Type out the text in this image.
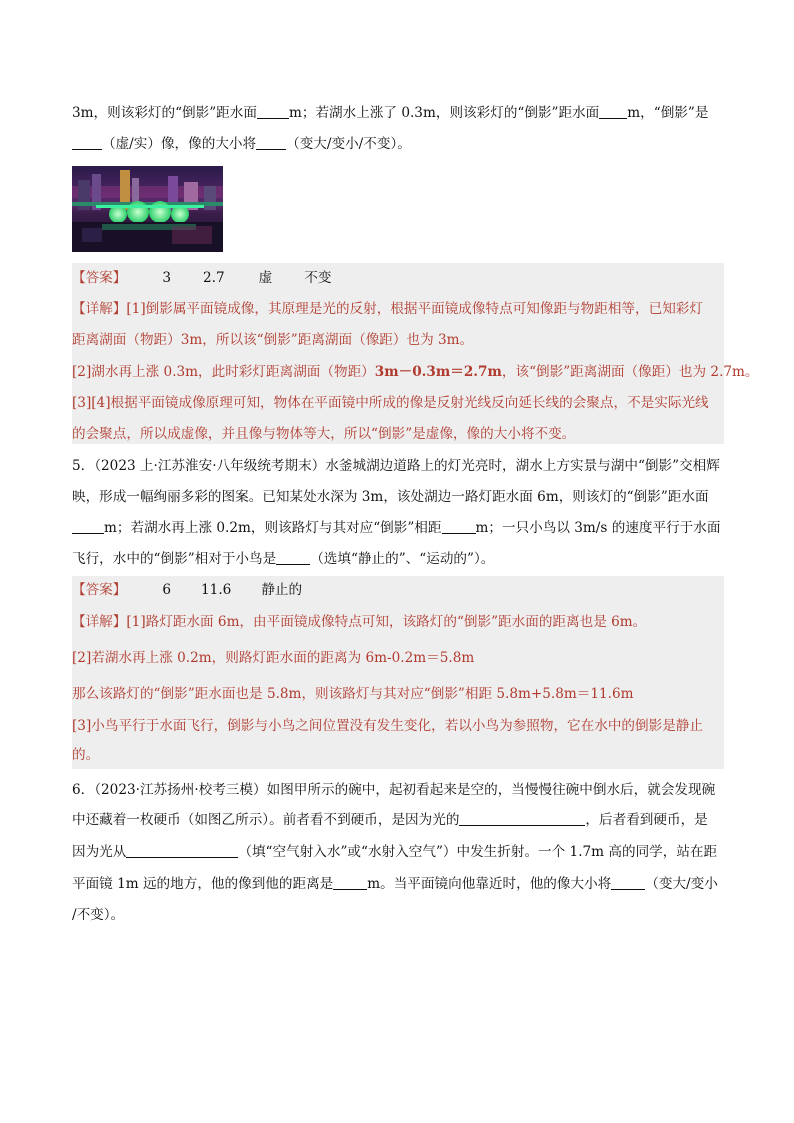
3m，则该彩灯的“倒影”距水面 m；若湖水上涨了 0.3m，则该彩灯的“倒影”距水面 m，“倒影”是
（虚/实）像，像的大小将 （变大/变小/不变）。
【答案】	3 2.7	虚 不变
【详解】[1]倒影属平面镜成像，其原理是光的反射，根据平面镜成像特点可知像距与物距相等，已知彩灯
距离湖面（物距）3m，所以该“倒影”距离湖面（像距）也为 3m。
[2]湖水再上涨 0.3m，此时彩灯距离湖面（物距）3m－0.3m＝2.7m，该“倒影”距离湖面（像距）也为 2.7m。
[3][4]根据平面镜成像原理可知，物体在平面镜中所成的像是反射光线反向延长线的会聚点，不是实际光线
的会聚点，所以成虚像，并且像与物体等大，所以“倒影”是虚像，像的大小将不变。
5．（2023 上·江苏淮安·八年级统考期末）水釜城湖边道路上的灯光亮时，湖水上方实景与湖中“倒影”交相辉
映，形成一幅绚丽多彩的图案。已知某处水深为 3m，该处湖边一路灯距水面 6m，则该灯的“倒影”距水面
m；若湖水再上涨 0.2m，则该路灯与其对应“倒影”相距	m；一只小鸟以 3m/s 的速度平行于水面
飞行，水中的“倒影”相对于小鸟是	（选填“静止的”、“运动的”）。
【答案】	6 11.6 静止的
【详解】[1]路灯距水面 6m，由平面镜成像特点可知，该路灯的“倒影”距水面的距离也是 6m。
[2]若湖水再上涨 0.2m，则路灯距水面的距离为 6m-0.2m＝5.8m
那么该路灯的“倒影”距水面也是 5.8m，则该路灯与其对应“倒影”相距 5.8m+5.8m＝11.6m
[3]小鸟平行于水面飞行，倒影与小鸟之间位置没有发生变化，若以小鸟为参照物，它在水中的倒影是静止
的。
6．（2023·江苏扬州·校考三模）如图甲所示的碗中，起初看起来是空的，当慢慢往碗中倒水后，就会发现碗
中还藏着一枚硬币（如图乙所示）。前者看不到硬币，是因为光的	，后者看到硬币，是
因为光从	（填“空气射入水”或“水射入空气”）中发生折射。一个 1.7m 高的同学，站在距
平面镜 1m 远的地方，他的像到他的距离是	m。当平面镜向他靠近时，他的像大小将	（变大/变小
/不变）。
